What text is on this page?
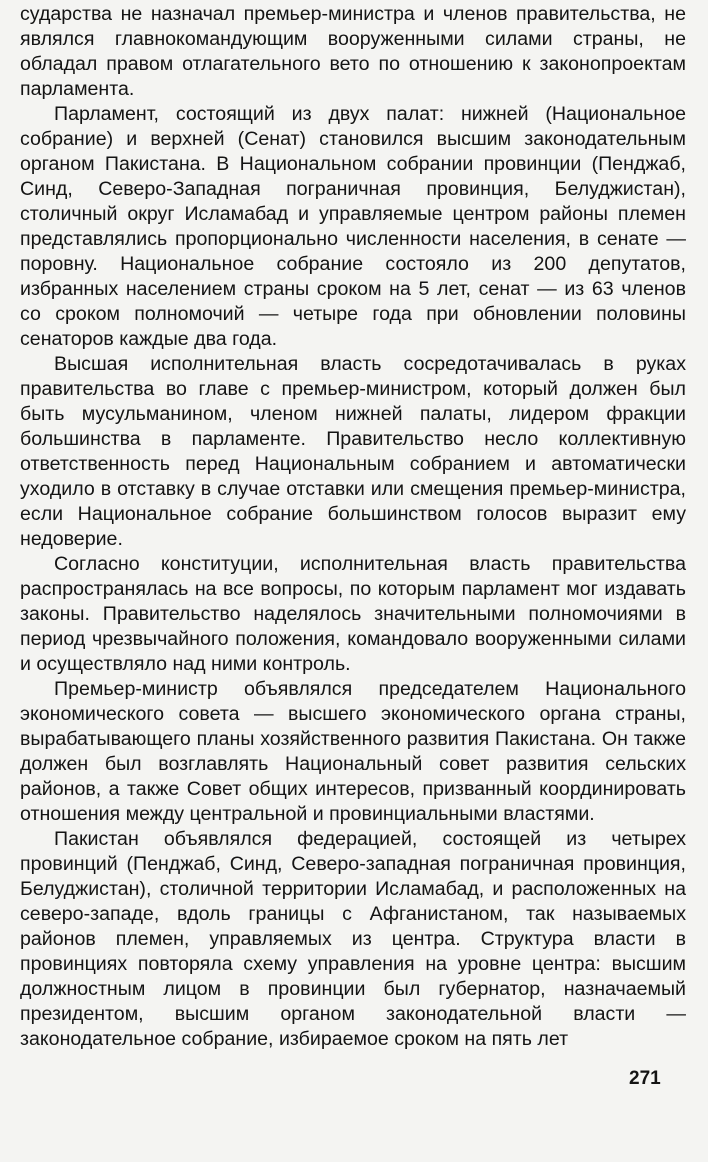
сударства не назначал премьер-министра и членов правительства, не являлся главнокомандующим вооруженными силами страны, не обладал правом отлагательного вето по отношению к законопроектам парламента.

Парламент, состоящий из двух палат: нижней (Национальное собрание) и верхней (Сенат) становился высшим законодательным органом Пакистана. В Национальном собрании провинции (Пенджаб, Синд, Северо-Западная пограничная провинция, Белуджистан), столичный округ Исламабад и управляемые центром районы племен представлялись пропорционально численности населения, в сенате — поровну. Национальное собрание состояло из 200 депутатов, избранных населением страны сроком на 5 лет, сенат — из 63 членов со сроком полномочий — четыре года при обновлении половины сенаторов каждые два года.

Высшая исполнительная власть сосредотачивалась в руках правительства во главе с премьер-министром, который должен был быть мусульманином, членом нижней палаты, лидером фракции большинства в парламенте. Правительство несло коллективную ответственность перед Национальным собранием и автоматически уходило в отставку в случае отставки или смещения премьер-министра, если Национальное собрание большинством голосов выразит ему недоверие.

Согласно конституции, исполнительная власть правительства распространялась на все вопросы, по которым парламент мог издавать законы. Правительство наделялось значительными полномочиями в период чрезвычайного положения, командовало вооруженными силами и осуществляло над ними контроль.

Премьер-министр объявлялся председателем Национального экономического совета — высшего экономического органа страны, вырабатывающего планы хозяйственного развития Пакистана. Он также должен был возглавлять Национальный совет развития сельских районов, а также Совет общих интересов, призванный координировать отношения между центральной и провинциальными властями.

Пакистан объявлялся федерацией, состоящей из четырех провинций (Пенджаб, Синд, Северо-западная пограничная провинция, Белуджистан), столичной территории Исламабад, и расположенных на северо-западе, вдоль границы с Афганистаном, так называемых районов племен, управляемых из центра. Структура власти в провинциях повторяла схему управления на уровне центра: высшим должностным лицом в провинции был губернатор, назначаемый президентом, высшим органом законодательной власти — законодательное собрание, избираемое сроком на пять лет

271
